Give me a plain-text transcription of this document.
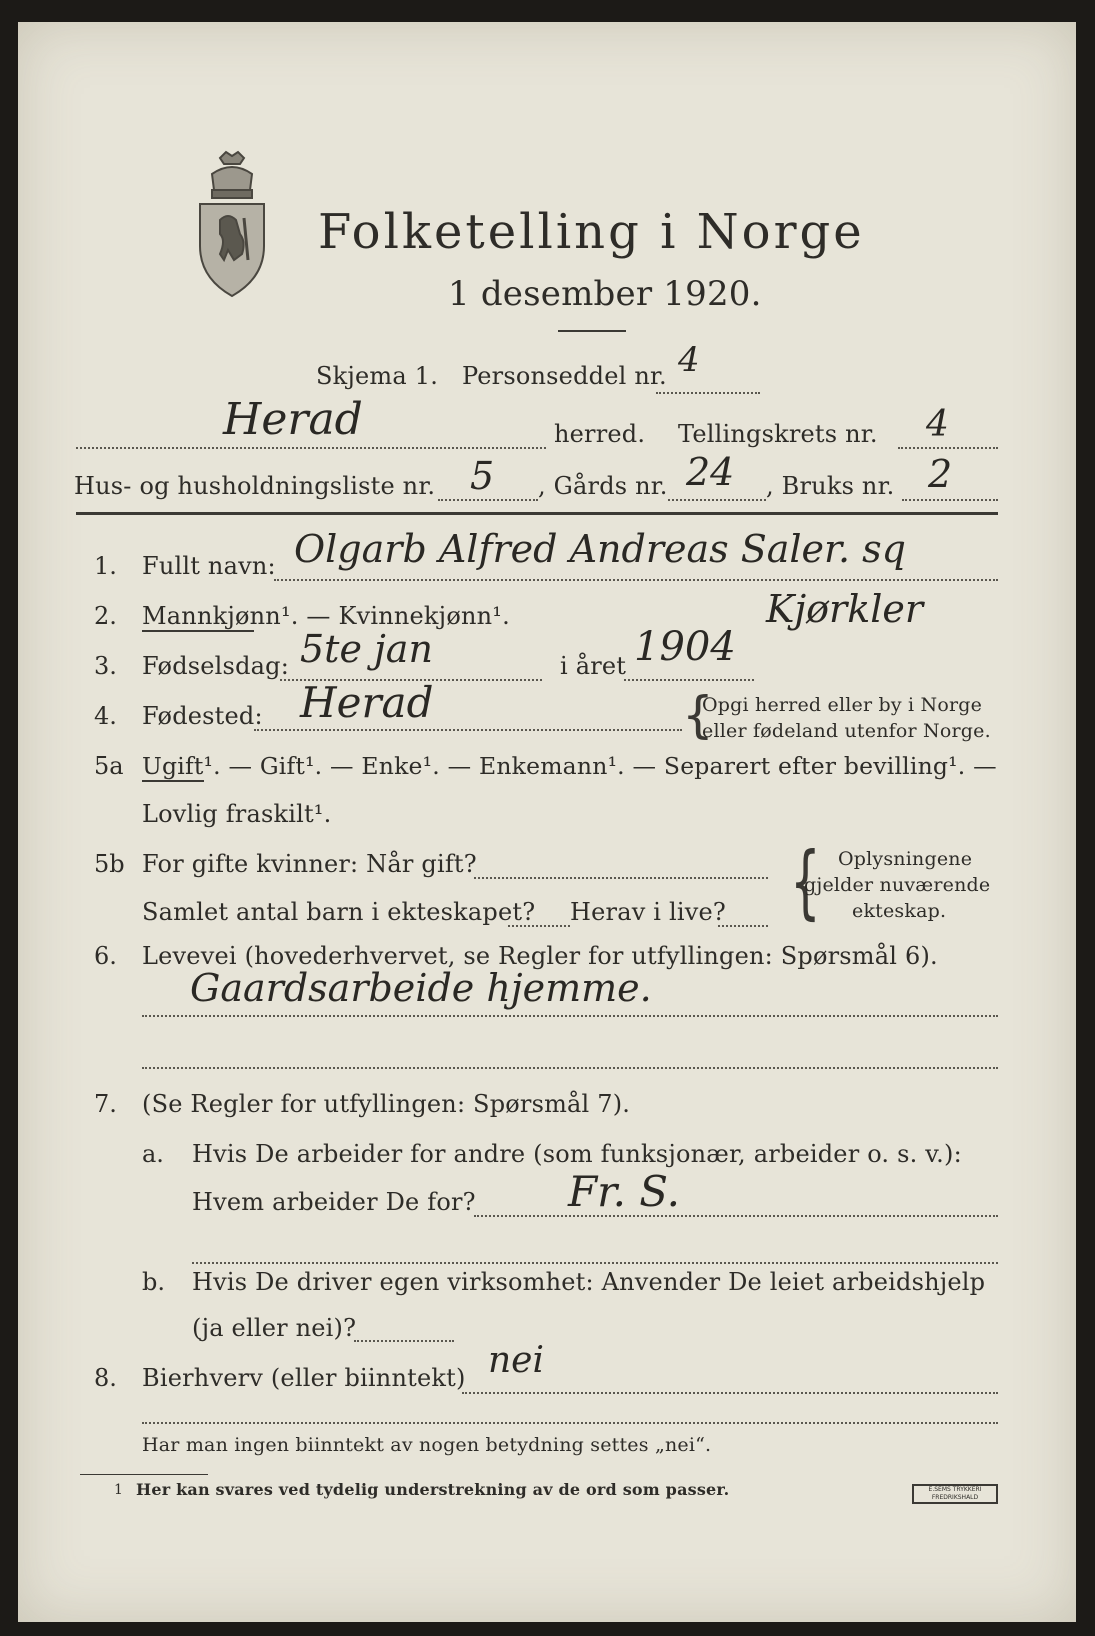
Folketelling i Norge
1 desember 1920.
Skjema 1. Personseddel nr. 4
Herad	herred. Tellingskrets nr. 4
Hus- og husholdningsliste nr. 5 , Gårds nr. 24 , Bruks nr. 2
1. Fullt navn: Olgarb Alfred Andreas Saler. sq
Kjørkler
2. Mannkjønn¹. — Kvinnekjønn¹.
3. Fødselsdag: 5te jan	i året 1904
4. Fødested: Herad	{
Opgi herred eller by i Norge
eller fødeland utenfor Norge.
5a Ugift¹. — Gift¹. — Enke¹. — Enkemann¹. — Separert efter bevilling¹. —
Lovlig fraskilt¹.
5b For gifte kvinner: Når gift?
Samlet antal barn i ekteskapet? Herav i live? { Oplysningene
gjelder nuværende
ekteskap.
6. Levevei (hovederhvervet, se Regler for utfyllingen: Spørsmål 6).
Gaardsarbeide hjemme.
7. (Se Regler for utfyllingen: Spørsmål 7).
a. Hvis De arbeider for andre (som funksjonær, arbeider o. s. v.):
Hvem arbeider De for? Fr. S.
b. Hvis De driver egen virksomhet: Anvender De leiet arbeidshjelp
(ja eller nei)?
8. Bierhverv (eller biinntekt) nei
Har man ingen biinntekt av nogen betydning settes „nei“.
1 Her kan svares ved tydelig understrekning av de ord som passer.	E.SEMS TRYKKERI FREDRIKSHALD
